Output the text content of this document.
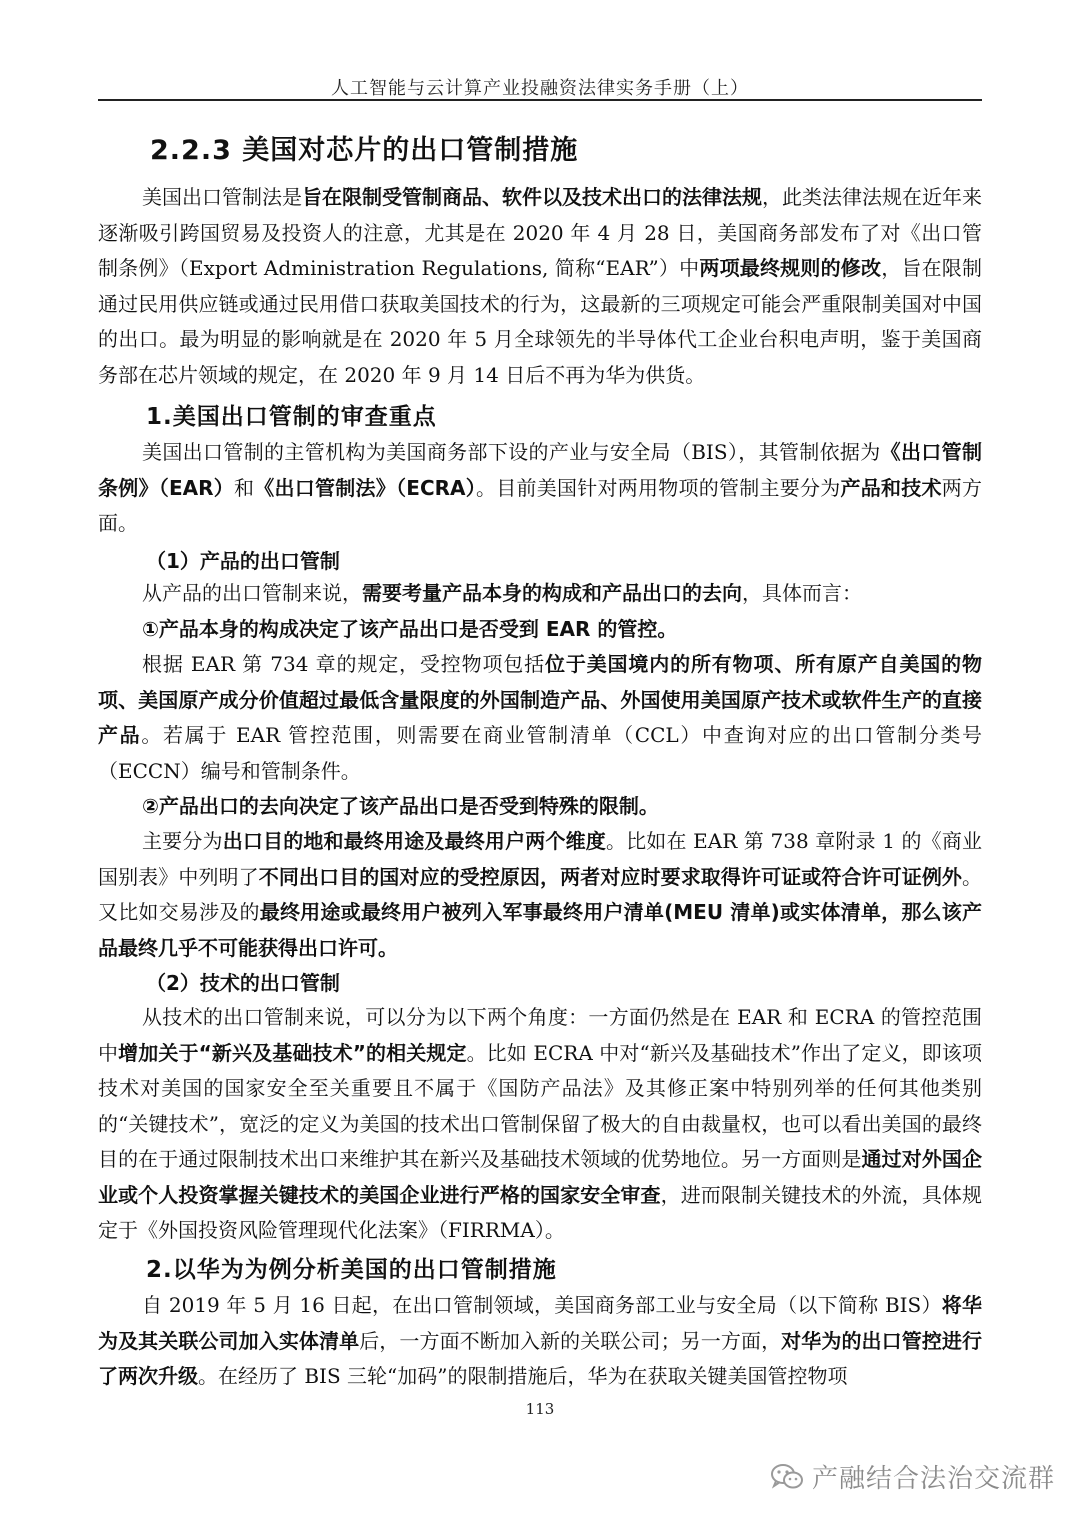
人工智能与云计算产业投融资法律实务手册（上）
2.2.3 美国对芯片的出口管制措施

美国出口管制法是旨在限制受管制商品、软件以及技术出口的法律法规，此类法律法规在近年来逐渐吸引跨国贸易及投资人的注意，尤其是在 2020 年 4 月 28 日，美国商务部发布了对《出口管制条例》（Export Administration Regulations, 简称“EAR”）中两项最终规则的修改，旨在限制通过民用供应链或通过民用借口获取美国技术的行为，这最新的三项规定可能会严重限制美国对中国的出口。最为明显的影响就是在 2020 年 5 月全球领先的半导体代工企业台积电声明，鉴于美国商务部在芯片领域的规定，在 2020 年 9 月 14 日后不再为华为供货。

1.美国出口管制的审查重点

美国出口管制的主管机构为美国商务部下设的产业与安全局（BIS），其管制依据为《出口管制条例》（EAR）和《出口管制法》（ECRA）。目前美国针对两用物项的管制主要分为产品和技术两方面。

（1）产品的出口管制
从产品的出口管制来说，需要考量产品本身的构成和产品出口的去向，具体而言：
①产品本身的构成决定了该产品出口是否受到 EAR 的管控。

根据 EAR 第 734 章的规定，受控物项包括位于美国境内的所有物项、所有原产自美国的物项、美国原产成分价值超过最低含量限度的外国制造产品、外国使用美国原产技术或软件生产的直接产品。若属于 EAR 管控范围，则需要在商业管制清单（CCL）中查询对应的出口管制分类号（ECCN）编号和管制条件。

②产品出口的去向决定了该产品出口是否受到特殊的限制。

主要分为出口目的地和最终用途及最终用户两个维度。比如在 EAR 第 738 章附录 1 的《商业国别表》中列明了不同出口目的国对应的受控原因，两者对应时要求取得许可证或符合许可证例外。又比如交易涉及的最终用途或最终用户被列入军事最终用户清单(MEU 清单)或实体清单，那么该产品最终几乎不可能获得出口许可。

（2）技术的出口管制

从技术的出口管制来说，可以分为以下两个角度：一方面仍然是在 EAR 和 ECRA 的管控范围中增加关于“新兴及基础技术”的相关规定。比如 ECRA 中对“新兴及基础技术”作出了定义，即该项技术对美国的国家安全至关重要且不属于《国防产品法》及其修正案中特别列举的任何其他类别的“关键技术”，宽泛的定义为美国的技术出口管制保留了极大的自由裁量权，也可以看出美国的最终目的在于通过限制技术出口来维护其在新兴及基础技术领域的优势地位。另一方面则是通过对外国企业或个人投资掌握关键技术的美国企业进行严格的国家安全审查，进而限制关键技术的外流，具体规定于《外国投资风险管理现代化法案》（FIRRMA）。

2.以华为为例分析美国的出口管制措施

自 2019 年 5 月 16 日起，在出口管制领域，美国商务部工业与安全局（以下简称 BIS）将华为及其关联公司加入实体清单后，一方面不断加入新的关联公司；另一方面，对华为的出口管控进行了两次升级。在经历了 BIS 三轮“加码”的限制措施后，华为在获取关键美国管控物项

113
产融结合法治交流群
